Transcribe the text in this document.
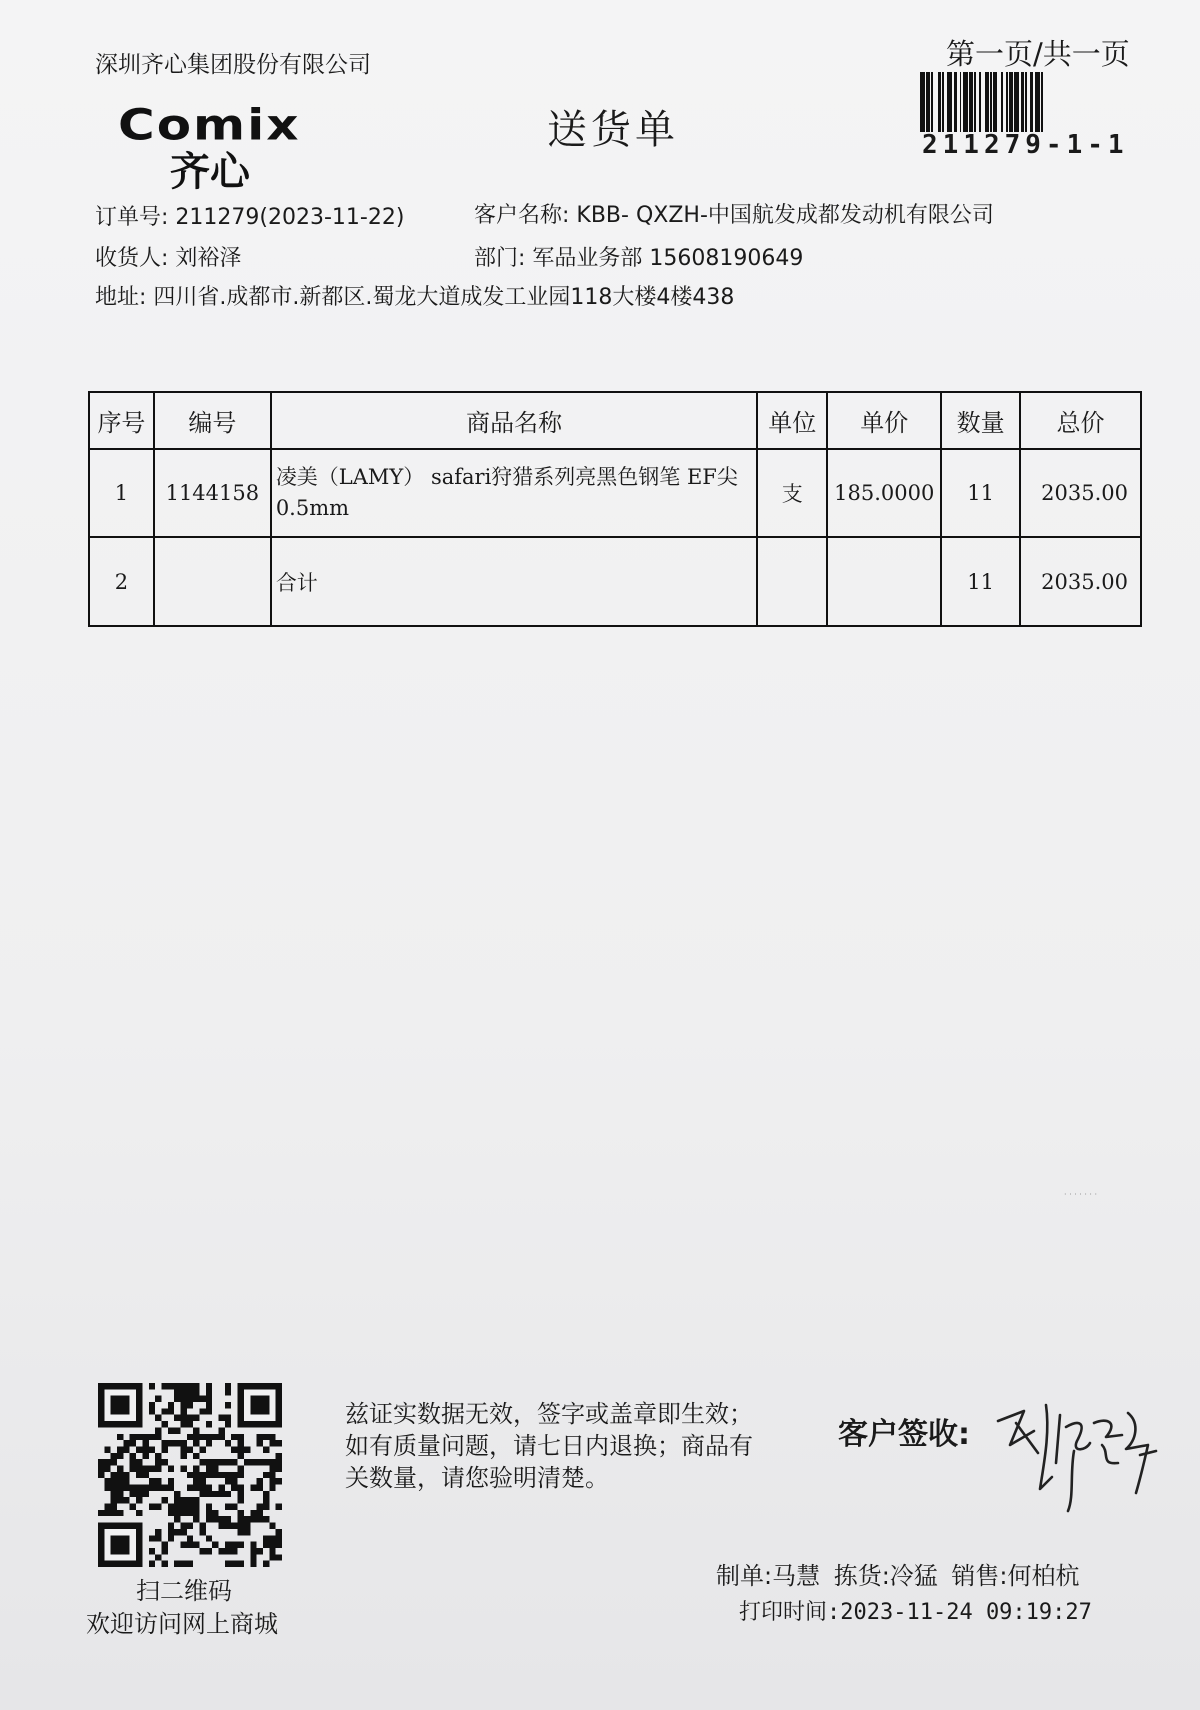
深圳齐心集团股份有限公司
Comix
齐心
送货单
第一页/共一页
211279-1-1
订单号: 211279(2023-11-22)	客户名称: KBB- QXZH-中国航发成都发动机有限公司
收货人: 刘裕泽	部门: 军品业务部 15608190649
地址: 四川省.成都市.新都区.蜀龙大道成发工业园118大楼4楼438
序号	编号	商品名称	单位	单价	数量	总价
1	1144158	凌美（LAMY） safari狩猎系列亮黑色钢笔 EF尖 0.5mm	支	185.0000	11	2035.00
2		合计			11	2035.00
· · · · · · ·
扫二维码
欢迎访问网上商城
兹证实数据无效，签字或盖章即生效；如有质量问题，请七日内退换；商品有关数量，请您验明清楚。
客户签收:
制单:马慧 拣货:冷猛 销售:何柏杭
打印时间:2023-11-24 09:19:27
